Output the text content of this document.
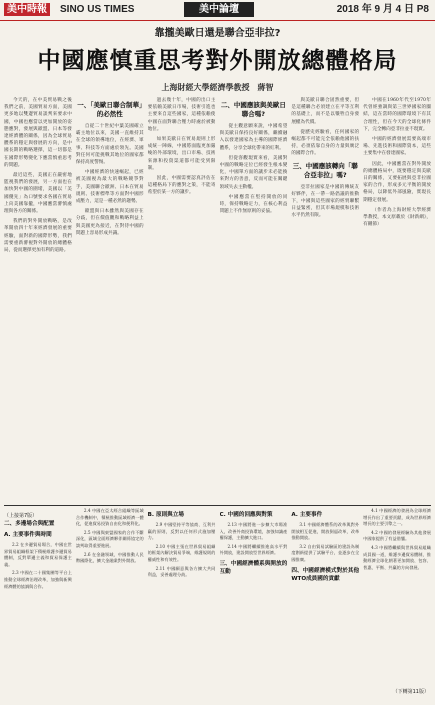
美中時報	SINO US TIMES	美中論壇	2018 年 9 月 4 日 P8
靠攏美歐日還是聯合亞非拉?
中國應慎重思考對外開放總體格局
上海財經大學經濟學教授　蔣智

今天的，在中美貿易戰之後我們之前，美國貿易方面，美國更多地以雙邊貿易談判來要求中國，中國也應當以更加開放的姿態應對，發展與歐盟、日本等發達經濟體的關係，因為全球貿易體系的穩定與發展的方向，是中國長期的戰略選擇，這一切都是在國際形勢變化下應當慎重思考的問題。

最近這些，美國正在嚴密地監視我們的發展，另一方面也在加快對中國的圍堵，美國以「美國優先」為口號要求各國在貿易上向美國靠攏，中國應當審慎處理與各方的關係。

我們的對外開放戰略，是改革開放四十年來經濟發展的重要經驗，面對新的國際形勢，我們需要重新審視對外開放的總體格局，從而選擇更加有利的道路。

一、「美歐日聯合制華」的必然性

自從二十世紀中葉美國確立霸主地位以來，美國一直維持其在全球的領導地位，在經濟、軍事、科技等方面處於領先。美國對任何可能挑戰其地位的國家都保持高度警惕。

中國經濟的快速崛起，已經被美國視為最大的戰略競爭對手，美國聯合歐洲、日本在貿易規則、技術標準等方面對中國形成壓力，這是一種必然的趨勢。

歐盟與日本雖然與美國存在分歧，但在價值觀和戰略利益上與美國更為接近，在對待中國的問題上容易形成共識。

過去幾十年，中國的出口主要依賴美歐日市場，技術引進也主要來自這些國家，這種依賴使中國在面對聯合壓力時處於被動地位。

如果美歐日在貿易規則上形成統一陣線，中國將面臨更加嚴峻的外部環境，出口市場、技術來源和投資渠道都可能受到限制。

因此，中國需要認真評估在這種格局下的應對之策，不能寄希望於某一方的讓步。

二、中國應該與美歐日聯合嗎?

從主觀意願來說，中國希望與美歐日保持良好關係，繼續融入以發達國家為主導的國際經濟體系，分享全球化帶來的紅利。

但從客觀現實來看，美國對中國的戰略定位已經發生根本變化，中國單方面的讓步未必能換來對方的善意，反而可能在關鍵領域失去主動權。

中國應當在堅持開放的同時，保持戰略定力，在核心利益問題上不作無原則的妥協。

與美歐日聯合固然重要，但是這種聯合必須建立在平等互利的基礎上，而不是以犧牲自身發展權為代價。

從歷史經驗看，任何國家的崛起都不可能完全依賴他國的扶持，必須依靠自身的力量與廣泛的國際合作。

三、中國應該轉向「聯合亞非拉」嗎?

亞非拉國家是中國的傳統友好夥伴，在一帶一路倡議的推動下，中國與這些國家的經貿聯繫日益緊密，但其市場規模和技術水平仍然有限。

中國在1960年代至1970年代曾經強調與第三世界國家的團結，這在當時的國際環境下有其合理性，但在今天的全球化條件下，完全轉向亞非拉並不現實。

中國的經濟發展需要高端市場、先進技術和國際資本，這些主要集中在發達國家。

因此，中國應當在對外開放的總體格局中，既要穩定與美歐日的關係，又要拓展與亞非拉國家的合作，形成多元平衡的開放格局，以降低外部風險，實現長期穩定發展。

（作者為上海財經大學經濟學教授，本文原載於《財新網》，有刪節）

二、多邊場合與配置
A. 主要事件與時間

2.2 在多邊貿易場合，中國在世界貿易組織框架下積極維護多邊貿易體制，反對單邊主義和貿易保護主義。

2.3 中國在二十國集團等平台上推動全球經濟治理改革，加強與新興經濟體的協調與合作。

2.4 中國在亞太經合組織等區域合作機制中，積極推動區域經濟一體化，促進貿易投資自由化和便利化。

2.5 中國與東盟國家的合作不斷深化，區域全面經濟夥伴關係協定的談判取得重要進展。

2.6 在金融領域，中國推動人民幣國際化，擴大金融業對外開放。

B. 原則與立場

2.9 中國堅持平等協商、互利共贏的原則，反對以任何形式施加壓力。

2.10 中國主張在世界貿易組織的框架內解決貿易爭端，維護規則的權威性和有效性。

2.11 中國願意與各方擴大共同利益，妥善處理分歧。

C. 中國的回應與對策

2.13 中國將進一步擴大市場准入，改善外商投資環境，加強知識產權保護，主動擴大進口。

2.14 中國將繼續推進高水平對外開放，建設開放型世界經濟。

三、中國經濟體系與開放的互動
A. 主要事件

3.1 中國經濟體系的改革與對外開放相互促進，開放倒逼改革，改革推動開放。

3.2 自由貿易試驗區的建設為制度創新提供了試驗平台，並逐步在全國推廣。

四、中國經濟模式對於其他WTO成員國的貢獻

4.1 中國經濟的發展為全球經濟增長作出了重要貢獻，成為世界經濟增長的主要引擎之一。

4.2 中國的發展經驗為其他發展中國家提供了有益借鑒。

4.3 中國將繼續與世界貿易組織成員國一道，維護多邊貿易體制，推動經濟全球化朝著更加開放、包容、普惠、平衡、共贏的方向發展。

（上接第7版）
（下轉第11版）
